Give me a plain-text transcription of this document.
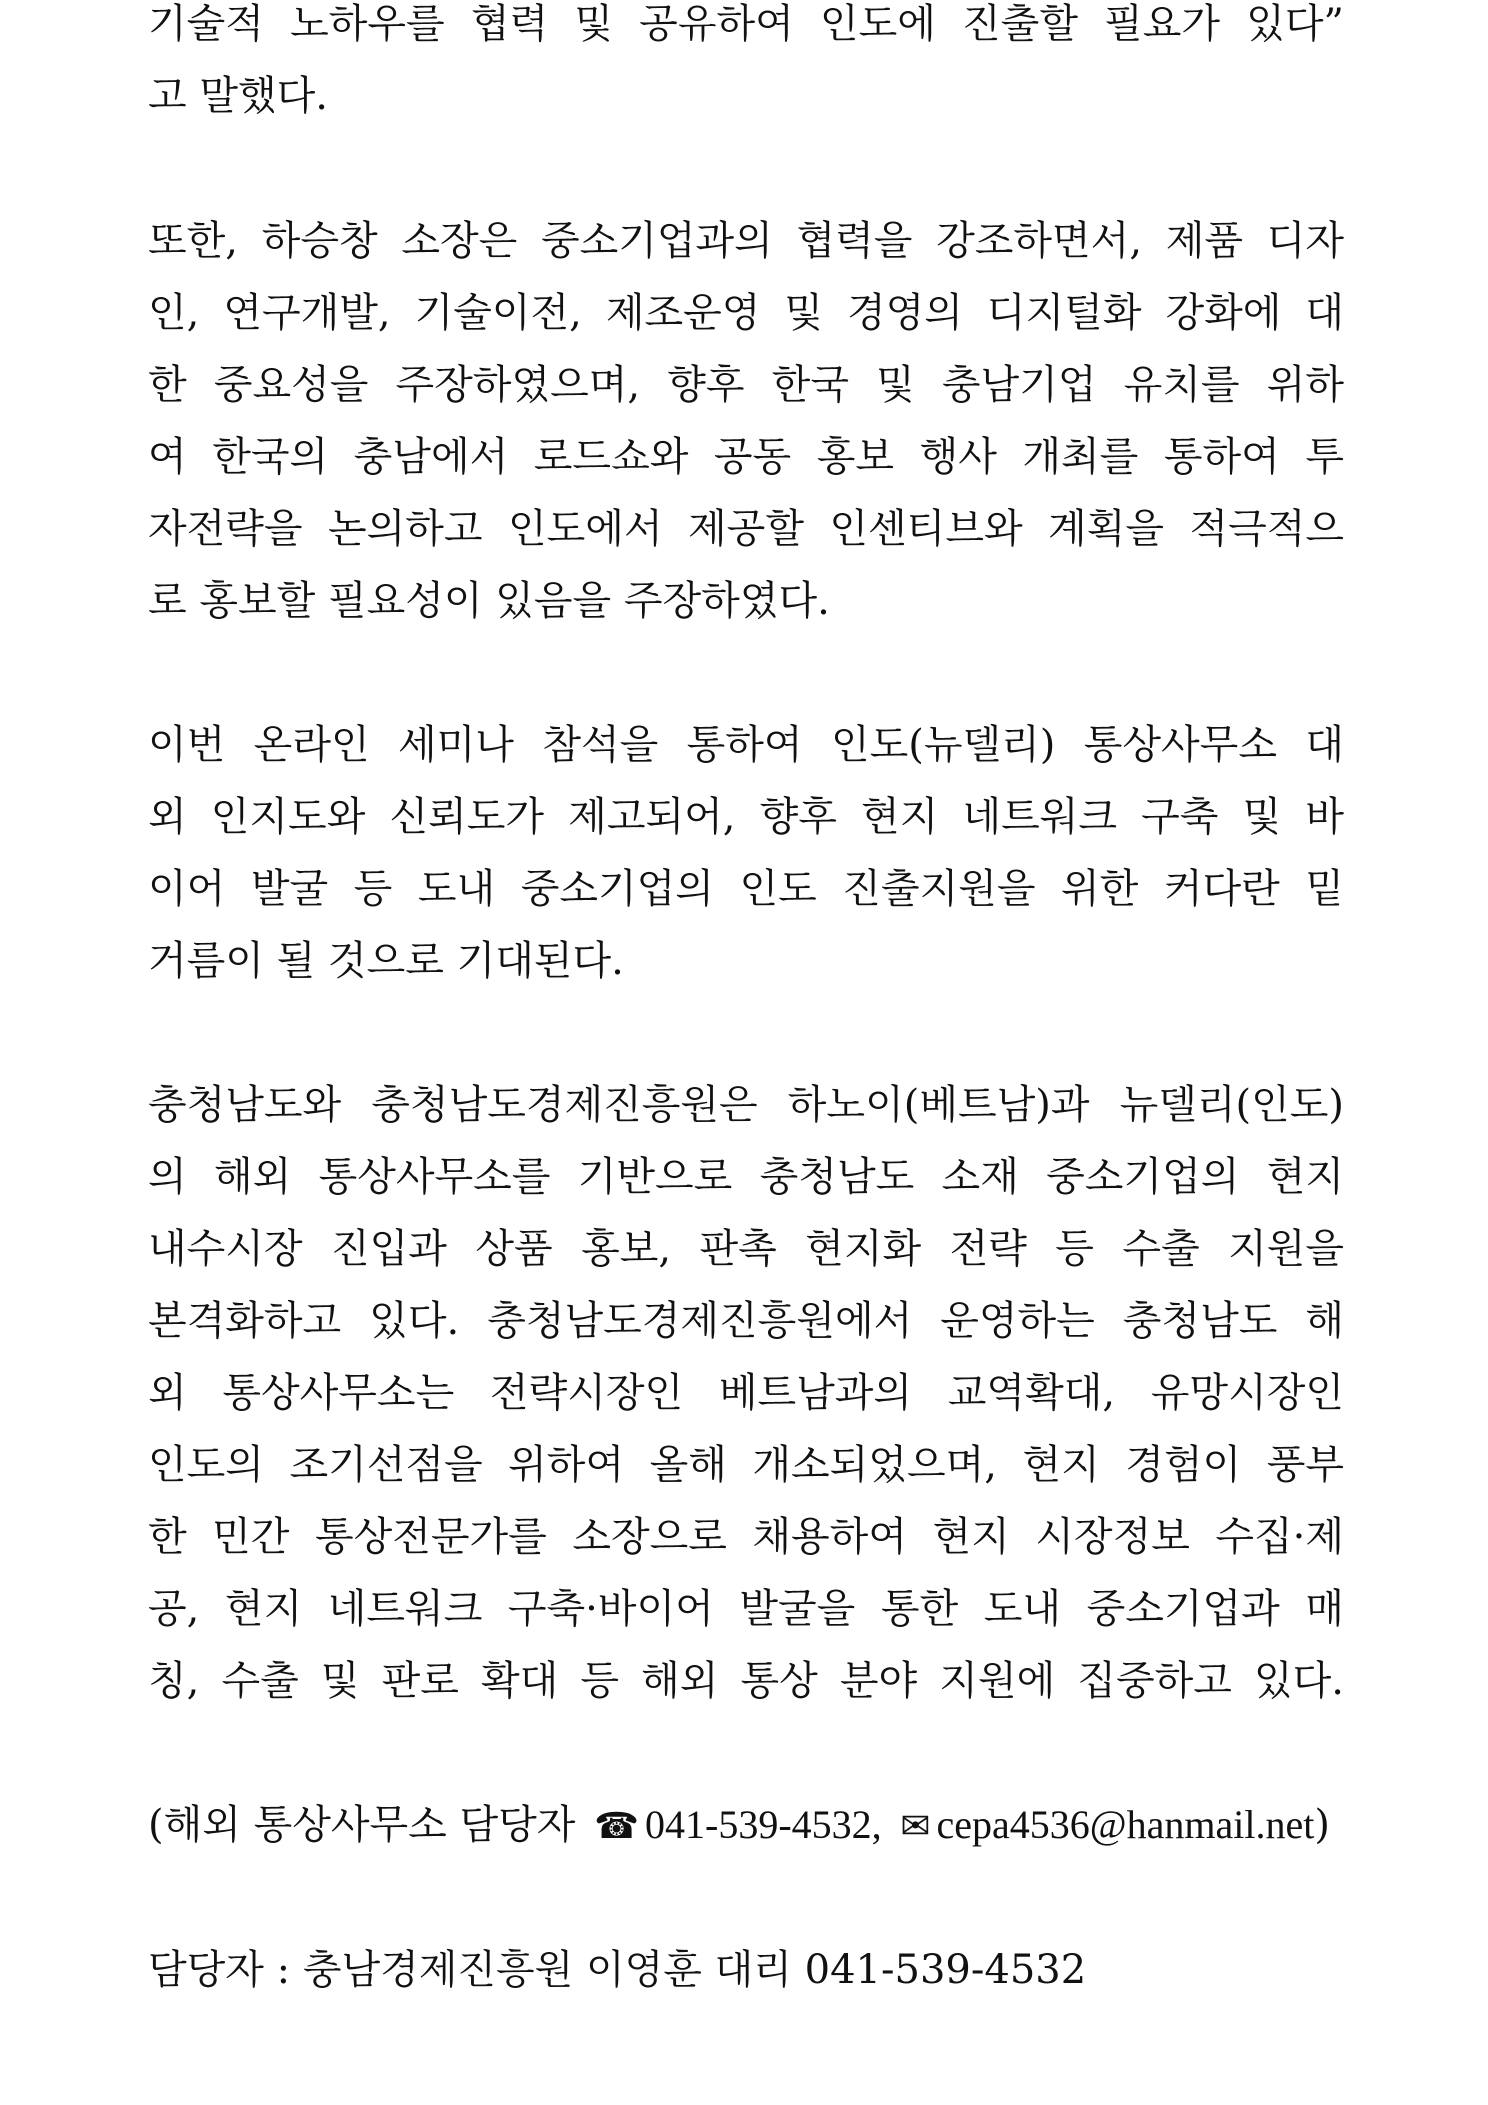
기술적 노하우를 협력 및 공유하여 인도에 진출할 필요가 있다”
고 말했다.
또한, 하승창 소장은 중소기업과의 협력을 강조하면서, 제품 디자
인, 연구개발, 기술이전, 제조운영 및 경영의 디지털화 강화에 대
한 중요성을 주장하였으며, 향후 한국 및 충남기업 유치를 위하
여 한국의 충남에서 로드쇼와 공동 홍보 행사 개최를 통하여 투
자전략을 논의하고 인도에서 제공할 인센티브와 계획을 적극적으
로 홍보할 필요성이 있음을 주장하였다.
이번 온라인 세미나 참석을 통하여 인도(뉴델리) 통상사무소 대
외 인지도와 신뢰도가 제고되어, 향후 현지 네트워크 구축 및 바
이어 발굴 등 도내 중소기업의 인도 진출지원을 위한 커다란 밑
거름이 될 것으로 기대된다.
충청남도와 충청남도경제진흥원은 하노이(베트남)과 뉴델리(인도)
의 해외 통상사무소를 기반으로 충청남도 소재 중소기업의 현지
내수시장 진입과 상품 홍보, 판촉 현지화 전략 등 수출 지원을
본격화하고 있다. 충청남도경제진흥원에서 운영하는 충청남도 해
외 통상사무소는 전략시장인 베트남과의 교역확대, 유망시장인
인도의 조기선점을 위하여 올해 개소되었으며, 현지 경험이 풍부
한 민간 통상전문가를 소장으로 채용하여 현지 시장정보 수집·제
공, 현지 네트워크 구축·바이어 발굴을 통한 도내 중소기업과 매
칭, 수출 및 판로 확대 등 해외 통상 분야 지원에 집중하고 있다.
(해외 통상사무소 담당자 ☎ 041-539-4532, ✉ cepa4536@hanmail.net)
담당자 : 충남경제진흥원 이영훈 대리 041-539-4532
